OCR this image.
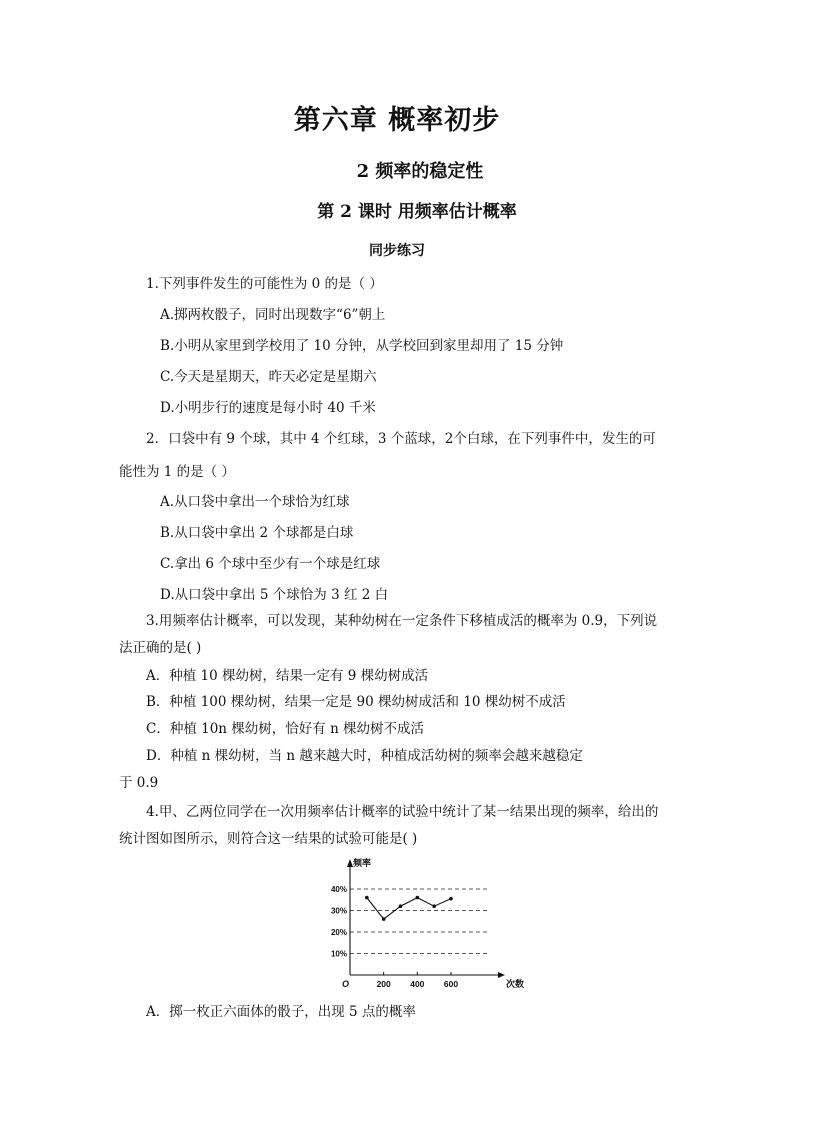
第六章 概率初步
2 频率的稳定性
第 2 课时 用频率估计概率
同步练习
1.下列事件发生的可能性为 0 的是（ ）
A.掷两枚骰子，同时出现数字“6”朝上
B.小明从家里到学校用了 10 分钟，从学校回到家里却用了 15 分钟
C.今天是星期天，昨天必定是星期六
D.小明步行的速度是每小时 40 千米
2．口袋中有 9 个球，其中 4 个红球，3 个蓝球，2个白球，在下列事件中，发生的可
能性为 1 的是（ ）
A.从口袋中拿出一个球恰为红球
B.从口袋中拿出 2 个球都是白球
C.拿出 6 个球中至少有一个球是红球
D.从口袋中拿出 5 个球恰为 3 红 2 白
3.用频率估计概率，可以发现，某种幼树在一定条件下移植成活的概率为 0.9，下列说
法正确的是( )
A．种植 10 棵幼树，结果一定有 9 棵幼树成活
B．种植 100 棵幼树，结果一定是 90 棵幼树成活和 10 棵幼树不成活
C．种植 10n 棵幼树，恰好有 n 棵幼树不成活
D．种植 n 棵幼树，当 n 越来越大时，种植成活幼树的频率会越来越稳定
于 0.9
4.甲、乙两位同学在一次用频率估计概率的试验中统计了某一结果出现的频率，给出的
统计图如图所示，则符合这一结果的试验可能是( )
10%
20%
30%
40%
200 400 600
频率
次数
O
A．掷一枚正六面体的骰子，出现 5 点的概率
